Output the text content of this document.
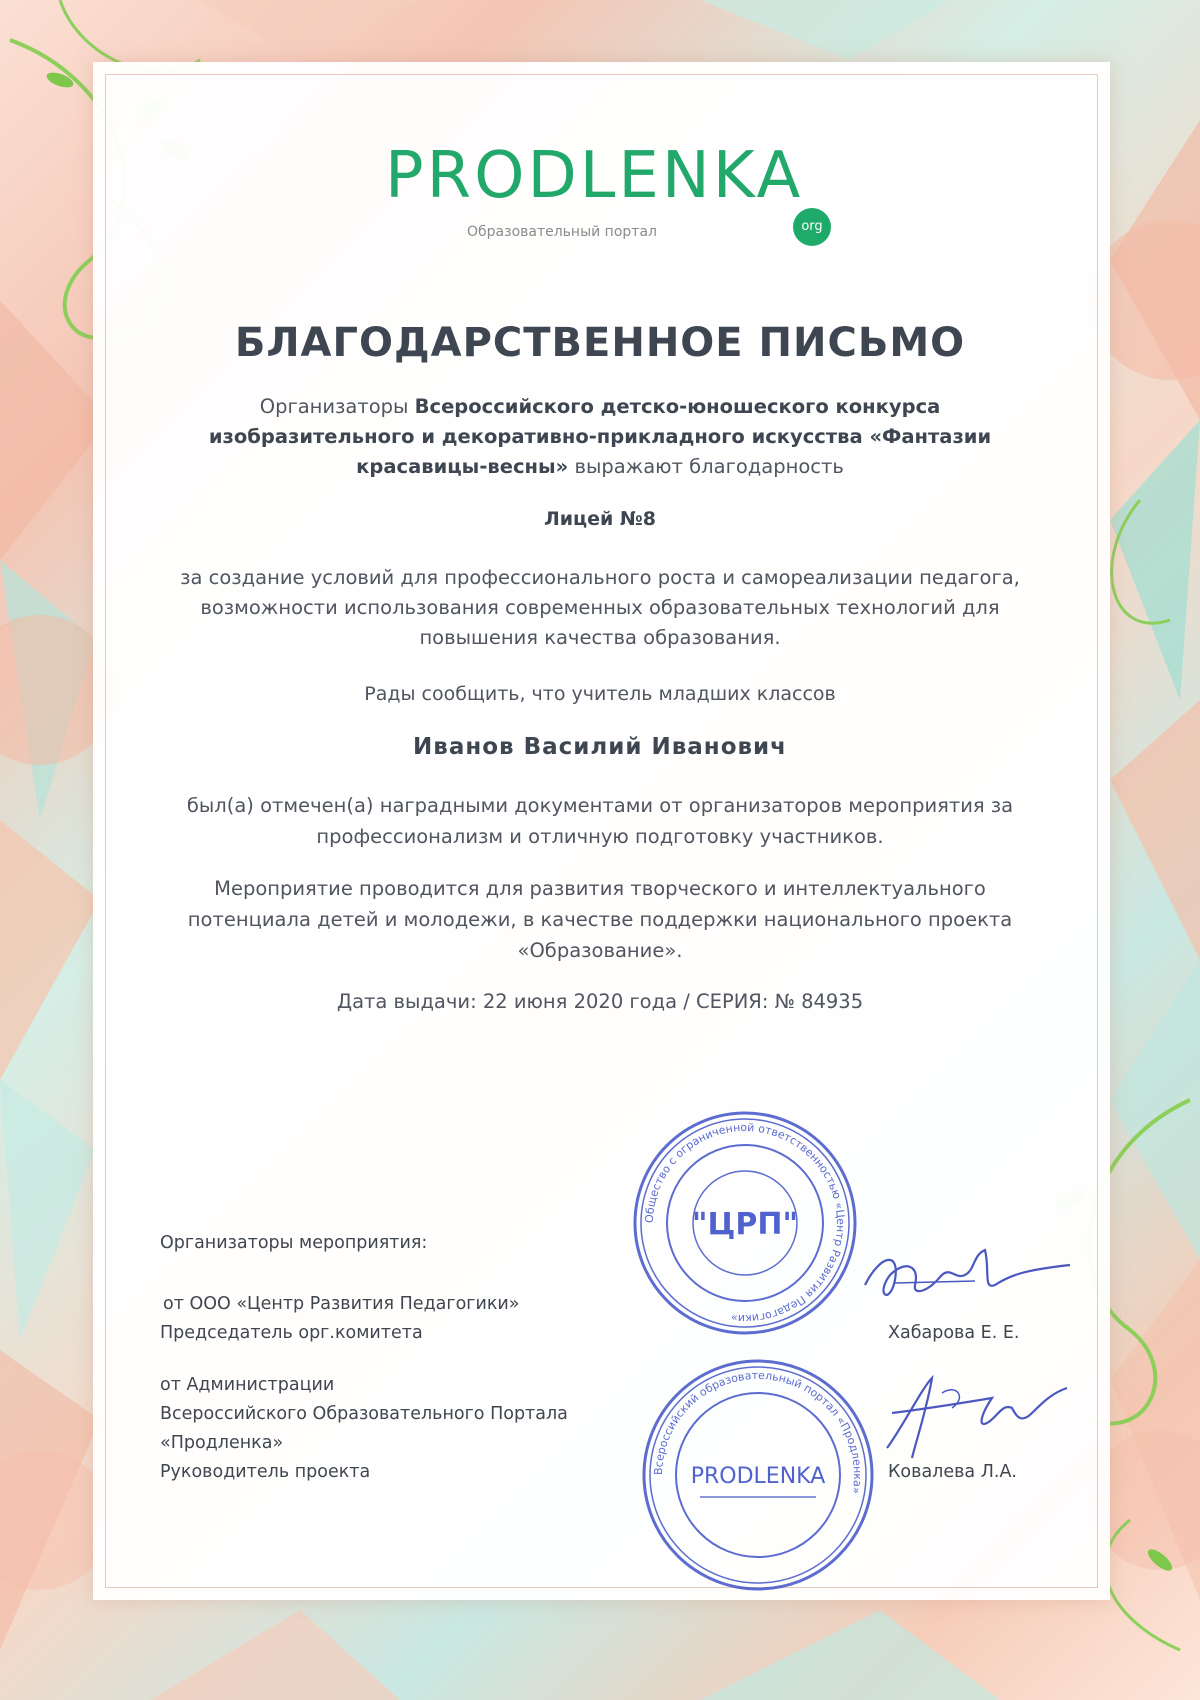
PRODLENKA
org
Образовательный портал
БЛАГОДАРСТВЕННОЕ ПИСЬМО
Организаторы Всероссийского детско-юношеского конкурса
изобразительного и декоративно-прикладного искусства «Фантазии
красавицы-весны» выражают благодарность
Лицей №8
за создание условий для профессионального роста и самореализации педагога,
возможности использования современных образовательных технологий для
повышения качества образования.
Рады сообщить, что учитель младших классов
Иванов Василий Иванович
был(а) отмечен(а) наградными документами от организаторов мероприятия за
профессионализм и отличную подготовку участников.
Мероприятие проводится для развития творческого и интеллектуального
потенциала детей и молодежи, в качестве поддержки национального проекта
«Образование».
Дата выдачи: 22 июня 2020 года / СЕРИЯ: № 84935
Организаторы мероприятия:
от ООО «Центр Развития Педагогики»
Председатель орг.комитета	Хабарова Е. Е.
от Администрации
Всероссийского Образовательного Портала
«Продленка»
Руководитель проекта	Ковалева Л.А.
Общество с ограниченной ответственностью «Центр Развития Педагогики»
"ЦРП"
Всероссийский образовательный портал «Продленка»
PRODLENKA
